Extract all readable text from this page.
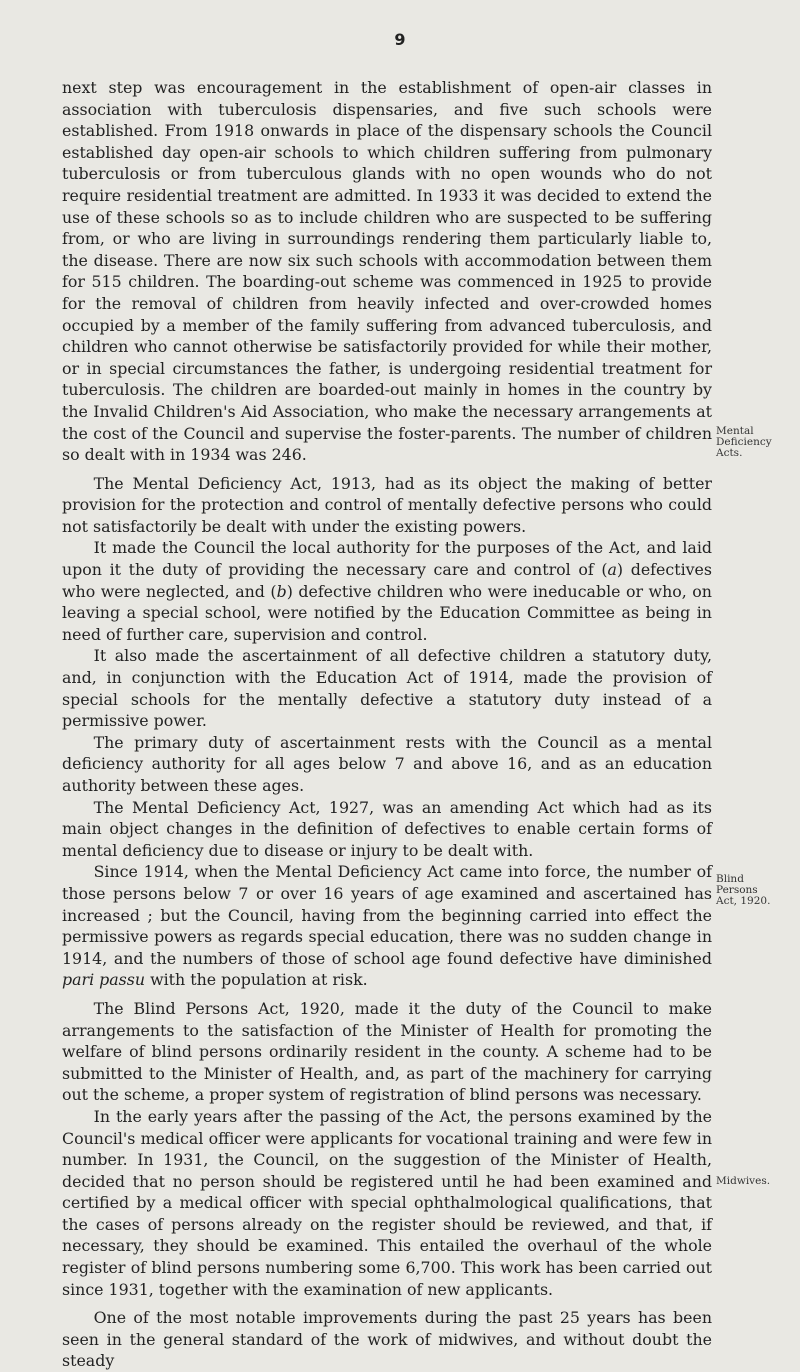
9

next step was encouragement in the establishment of open-air classes in association with tuberculosis dispensaries, and five such schools were established. From 1918 onwards in place of the dispensary schools the Council established day open-air schools to which children suffering from pulmonary tuberculosis or from tuberculous glands with no open wounds who do not require residential treatment are admitted. In 1933 it was decided to extend the use of these schools so as to include children who are suspected to be suffering from, or who are living in surroundings rendering them particularly liable to, the disease. There are now six such schools with accommodation between them for 515 children. The boarding-out scheme was commenced in 1925 to provide for the removal of children from heavily infected and over-crowded homes occupied by a member of the family suffering from advanced tuberculosis, and children who cannot otherwise be satisfactorily provided for while their mother, or in special circumstances the father, is undergoing residential treatment for tuberculosis. The children are boarded-out mainly in homes in the country by the Invalid Children's Aid Association, who make the necessary arrangements at the cost of the Council and supervise the foster-parents. The number of children so dealt with in 1934 was 246.

The Mental Deficiency Act, 1913, had as its object the making of better provision for the protection and control of mentally defective persons who could not satisfactorily be dealt with under the existing powers.

It made the Council the local authority for the purposes of the Act, and laid upon it the duty of providing the necessary care and control of (a) defectives who were neglected, and (b) defective children who were ineducable or who, on leaving a special school, were notified by the Education Committee as being in need of further care, supervision and control.

It also made the ascertainment of all defective children a statutory duty, and, in conjunction with the Education Act of 1914, made the provision of special schools for the mentally defective a statutory duty instead of a permissive power.

The primary duty of ascertainment rests with the Council as a mental deficiency authority for all ages below 7 and above 16, and as an education authority between these ages.

The Mental Deficiency Act, 1927, was an amending Act which had as its main object changes in the definition of defectives to enable certain forms of mental deficiency due to disease or injury to be dealt with.

Since 1914, when the Mental Deficiency Act came into force, the number of those persons below 7 or over 16 years of age examined and ascertained has increased ; but the Council, having from the beginning carried into effect the permissive powers as regards special education, there was no sudden change in 1914, and the numbers of those of school age found defective have diminished pari passu with the population at risk.

The Blind Persons Act, 1920, made it the duty of the Council to make arrangements to the satisfaction of the Minister of Health for promoting the welfare of blind persons ordinarily resident in the county. A scheme had to be submitted to the Minister of Health, and, as part of the machinery for carrying out the scheme, a proper system of registration of blind persons was necessary.

In the early years after the passing of the Act, the persons examined by the Council's medical officer were applicants for vocational training and were few in number. In 1931, the Council, on the suggestion of the Minister of Health, decided that no person should be registered until he had been examined and certified by a medical officer with special ophthalmological qualifications, that the cases of persons already on the register should be reviewed, and that, if necessary, they should be examined. This entailed the overhaul of the whole register of blind persons numbering some 6,700. This work has been carried out since 1931, together with the examination of new applicants.

One of the most notable improvements during the past 25 years has been seen in the general standard of the work of midwives, and without doubt the steady

Mental
Deficiency
Acts.
Blind
Persons
Act, 1920.
Midwives.
